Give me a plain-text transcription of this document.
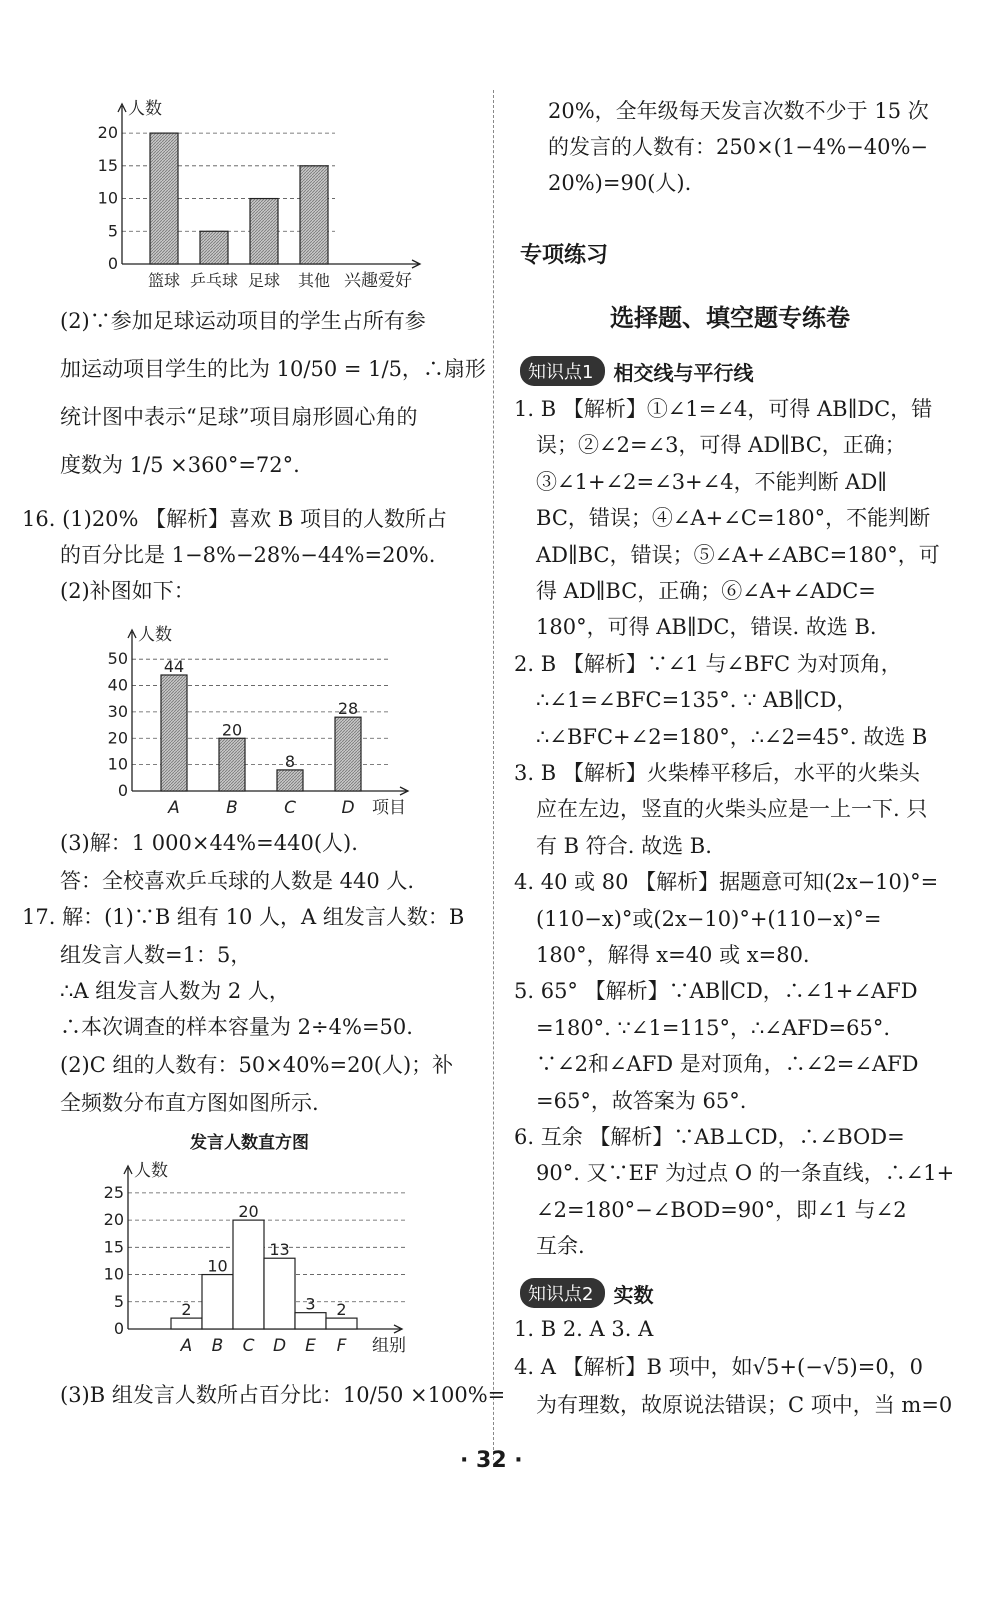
0
5
10
15
20
人数
兴趣爱好
篮球 乒乓球 足球 其他
(2)∵参加足球运动项目的学生占所有参
加运动项目学生的比为 10/50 = 1/5，∴扇形
统计图中表示“足球”项目扇形圆心角的
度数为 1/5 ×360°=72°.
16. (1)20% 【解析】喜欢 B 项目的人数所占
的百分比是 1−8%−28%−44%=20%.
(2)补图如下：
0
10
20
30
40
50
人数
项目
44
A
20
B
8
C
28
D
(3)解：1 000×44%=440(人).
答：全校喜欢乒乓球的人数是 440 人.
17. 解：(1)∵B 组有 10 人，A 组发言人数：B
组发言人数=1：5，
∴A 组发言人数为 2 人，
∴本次调查的样本容量为 2÷4%=50.
(2)C 组的人数有：50×40%=20(人)；补
全频数分布直方图如图所示.
发言人数直方图
0
5
10
15
20
25
人数
组别
2
A
10
B
20
C
13
D
3
E
2
F
(3)B 组发言人数所占百分比：10/50 ×100%=
20%，全年级每天发言次数不少于 15 次
的发言的人数有：250×(1−4%−40%−
20%)=90(人).
专项练习
选择题、填空题专练卷
知识点1	相交线与平行线
1. B 【解析】①∠1=∠4，可得 AB∥DC，错
误；②∠2=∠3，可得 AD∥BC，正确；
③∠1+∠2=∠3+∠4，不能判断 AD∥
BC，错误；④∠A+∠C=180°，不能判断
AD∥BC，错误；⑤∠A+∠ABC=180°，可
得 AD∥BC，正确；⑥∠A+∠ADC=
180°，可得 AB∥DC，错误. 故选 B.
2. B 【解析】∵∠1 与∠BFC 为对顶角，
∴∠1=∠BFC=135°. ∵ AB∥CD，
∴∠BFC+∠2=180°，∴∠2=45°. 故选 B
3. B 【解析】火柴棒平移后，水平的火柴头
应在左边，竖直的火柴头应是一上一下. 只
有 B 符合. 故选 B.
4. 40 或 80 【解析】据题意可知(2x−10)°=
(110−x)°或(2x−10)°+(110−x)°=
180°，解得 x=40 或 x=80.
5. 65° 【解析】∵AB∥CD，∴∠1+∠AFD
=180°. ∵∠1=115°，∴∠AFD=65°.
∵∠2和∠AFD 是对顶角，∴∠2=∠AFD
=65°，故答案为 65°.
6. 互余 【解析】∵AB⊥CD，∴∠BOD=
90°. 又∵EF 为过点 O 的一条直线，∴∠1+
∠2=180°−∠BOD=90°，即∠1 与∠2
互余.
知识点2	实数
1. B 2. A 3. A
4. A 【解析】B 项中，如√5+(−√5)=0，0
为有理数，故原说法错误；C 项中，当 m=0
· 32 ·
